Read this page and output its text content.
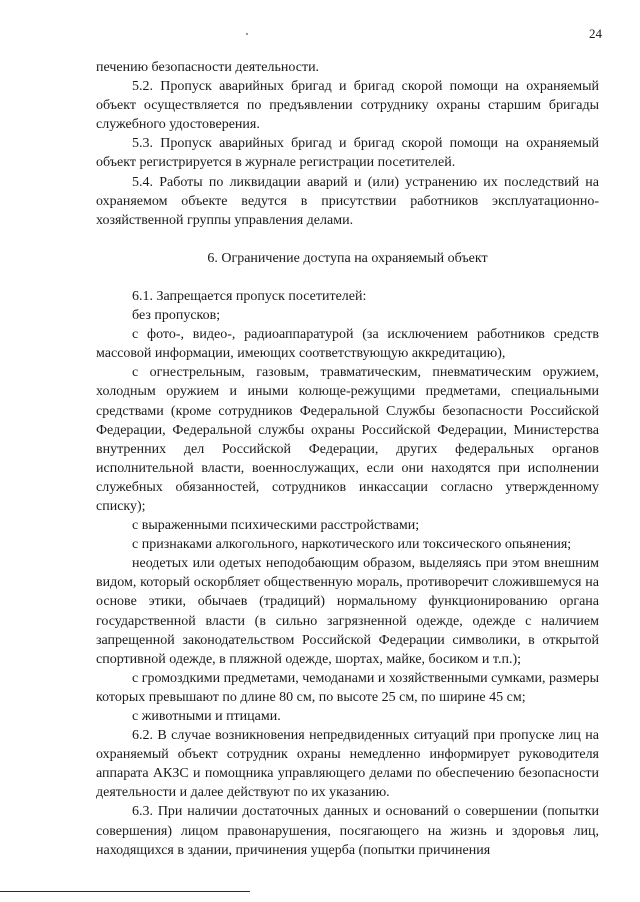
24

печению безопасности деятельности.

5.2. Пропуск аварийных бригад и бригад скорой помощи на охраняемый объект осуществляется по предъявлении сотруднику охраны старшим бригады служебного удостоверения.

5.3. Пропуск аварийных бригад и бригад скорой помощи на охраняемый объект регистрируется в журнале регистрации посетителей.

5.4. Работы по ликвидации аварий и (или) устранению их последствий на охраняемом объекте ведутся в присутствии работников эксплуатационно-хозяйственной группы управления делами.

6. Ограничение доступа на охраняемый объект

6.1. Запрещается пропуск посетителей:

без пропусков;

с фото-, видео-, радиоаппаратурой (за исключением работников средств массовой информации, имеющих соответствующую аккредитацию),

с огнестрельным, газовым, травматическим, пневматическим оружием, холодным оружием и иными колюще-режущими предметами, специальными средствами (кроме сотрудников Федеральной Службы безопасности Российской Федерации, Федеральной службы охраны Российской Федерации, Министерства внутренних дел Российской Федерации, других федеральных органов исполнительной власти, военнослужащих, если они находятся при исполнении служебных обязанностей, сотрудников инкассации согласно утвержденному списку);

с выраженными психическими расстройствами;

с признаками алкогольного, наркотического или токсического опьянения;

неодетых или одетых неподобающим образом, выделяясь при этом внешним видом, который оскорбляет общественную мораль, противоречит сложившемуся на основе этики, обычаев (традиций) нормальному функционированию органа государственной власти (в сильно загрязненной одежде, одежде с наличием запрещенной законодательством Российской Федерации символики, в открытой спортивной одежде, в пляжной одежде, шортах, майке, босиком и т.п.);

с громоздкими предметами, чемоданами и хозяйственными сумками, размеры которых превышают по длине 80 см, по высоте 25 см, по ширине 45 см;

с животными и птицами.

6.2. В случае возникновения непредвиденных ситуаций при пропуске лиц на охраняемый объект сотрудник охраны немедленно информирует руководителя аппарата АКЗС и помощника управляющего делами по обеспечению безопасности деятельности и далее действуют по их указанию.

6.3. При наличии достаточных данных и оснований о совершении (попытки совершения) лицом правонарушения, посягающего на жизнь и здоровья лиц, находящихся в здании, причинения ущерба (попытки причинения
